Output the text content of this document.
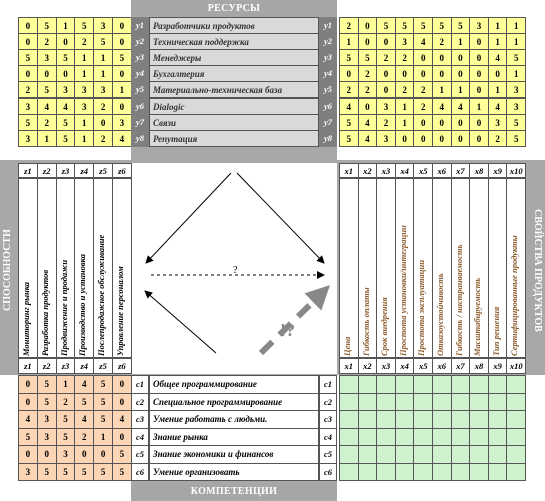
РЕСУРСЫ
КОМПЕТЕНЦИИ
СПОСОБНОСТИ	СВОЙСТВА ПРОДУКТОВ
?
!?
0	5	1	5	3	0	y1 Разработчики продуктов	y1	2	0	5	5	5	5	5	3	1	1
0	2	0	2	5	0	y2 Техническая поддержка	y2	1	0	0	3	4	2	1	0	1	1
5	3	5	1	1	5	y3 Менеджеры	y3	5	5	2	2	0	0	0	0	4	5
0	0	0	1	1	0	y4 Бухгалтерия	y4	0	2	0	0	0	0	0	0	0	1
2	5	3	3	3	1	y5 Материально-техническая база	y5	2	2	0	2	2	1	1	0	1	3
3	4	4	3	2	0	y6 Dialogic	y6	4	0	3	1	2	4	4	1	4	3
5	2	5	1	0	3	y7 Связи	y7	5	4	2	1	0	0	0	0	3	5
3	1	5	1	2	4	y8 Репутация	y8	5	4	3	0	0	0	0	0	2	5
z1
z1
Мониторинг рынка
z2
z2
Разработка продуктов
z3
z3
Продвижение и продажи
z4
z4
Производство и установка
z5
z5
Послепродажное обслуживание
z6
z6
Управление персоналом
x1
x1
Цена
x2
x2
Гибкость оплаты
x3
x3
Срок внедрения
x4
x4
Простота установки/интеграции
x5
x5
Простота эксплуатации
x6
x6
Отказоустойчивость
x7
x7
Гибкость / настраиваемость
x8
x8
Масштабируемость
x9
x9
Тип решения
x10
x10
Сертифицированные продукты
0	5	1	4	5	0	c1 Общее программирование	c1
0	5	2	5	5	0	c2 Специальное программирование	c2
4	3	5	4	5	4	c3 Умение работать с людьми.	c3
5	3	5	2	1	0	c4 Знание рынка	c4
0	0	3	0	0	5	c5 Знание экономики и финансов	c5
3	5	5	5	5	5	c6 Умение организовать	c6
